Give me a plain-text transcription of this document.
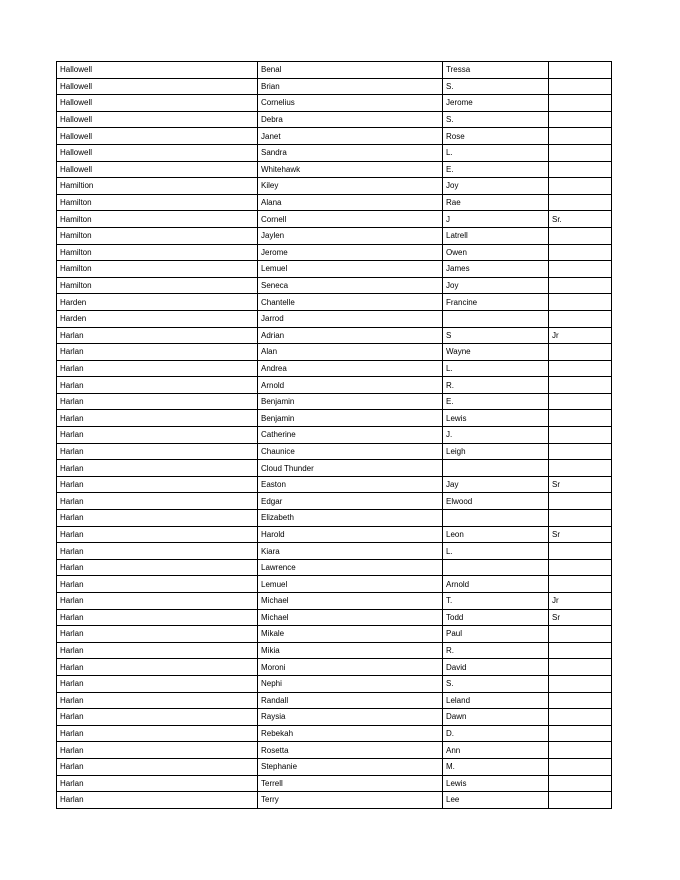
Hallowell	Benal	Tressa	
Hallowell	Brian	S.	
Hallowell	Cornelius	Jerome	
Hallowell	Debra	S.	
Hallowell	Janet	Rose	
Hallowell	Sandra	L.	
Hallowell	Whitehawk	E.	
Hamiltion	Kiley	Joy	
Hamilton	Alana	Rae	
Hamilton	Cornell	J	Sr.
Hamilton	Jaylen	Latrell	
Hamilton	Jerome	Owen	
Hamilton	Lemuel	James	
Hamilton	Seneca	Joy	
Harden	Chantelle	Francine	
Harden	Jarrod		
Harlan	Adrian	S	Jr
Harlan	Alan	Wayne	
Harlan	Andrea	L.	
Harlan	Arnold	R.	
Harlan	Benjamin	E.	
Harlan	Benjamin	Lewis	
Harlan	Catherine	J.	
Harlan	Chaunice	Leigh	
Harlan	Cloud Thunder		
Harlan	Easton	Jay	Sr
Harlan	Edgar	Elwood	
Harlan	Elizabeth		
Harlan	Harold	Leon	Sr
Harlan	Kiara	L.	
Harlan	Lawrence		
Harlan	Lemuel	Arnold	
Harlan	Michael	T.	Jr
Harlan	Michael	Todd	Sr
Harlan	Mikale	Paul	
Harlan	Mikia	R.	
Harlan	Moroni	David	
Harlan	Nephi	S.	
Harlan	Randall	Leland	
Harlan	Raysia	Dawn	
Harlan	Rebekah	D.	
Harlan	Rosetta	Ann	
Harlan	Stephanie	M.	
Harlan	Terrell	Lewis	
Harlan	Terry	Lee	
